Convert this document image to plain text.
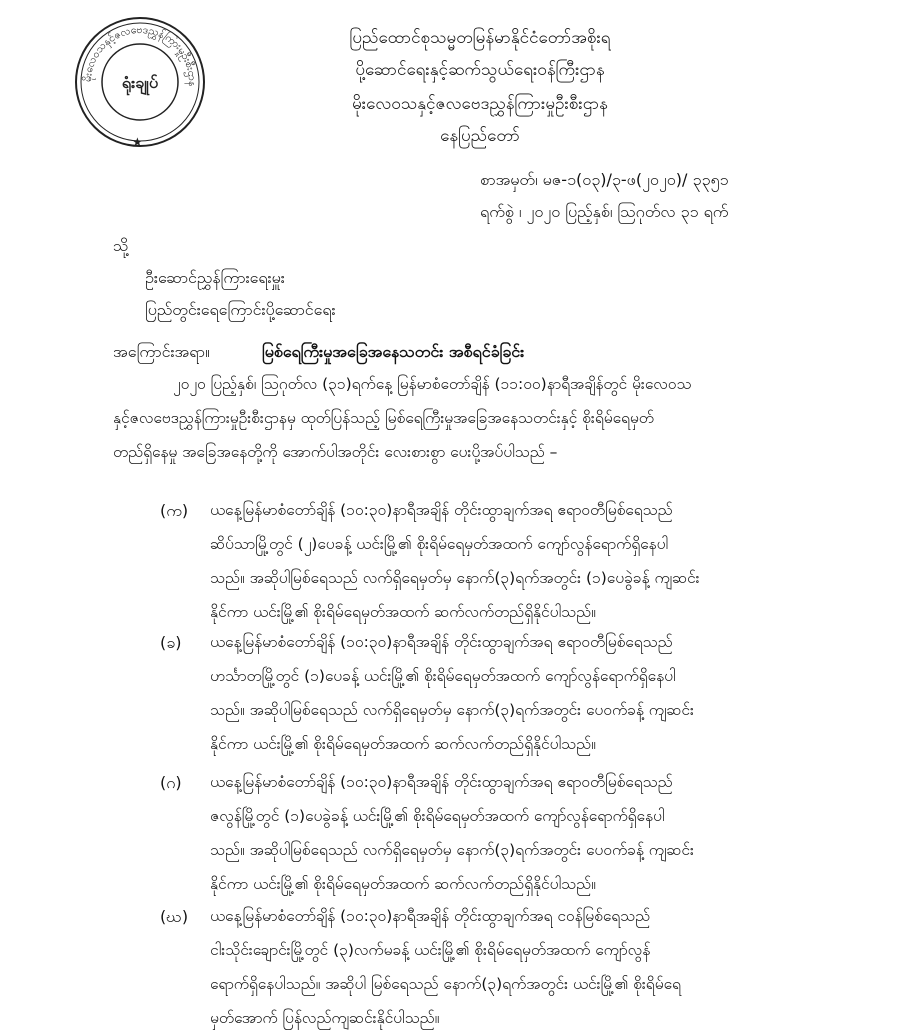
မိုးလေဝသနှင့်ဇလဗေဒညွှန်ကြားမှုဦးစီးဌာန
ရုံးချုပ်
★
ပြည်ထောင်စုသမ္မတမြန်မာနိုင်ငံတော်အစိုးရ
ပို့ဆောင်ရေးနှင့်ဆက်သွယ်ရေးဝန်ကြီးဌာန
မိုးလေဝသနှင့်ဇလဗေဒညွှန်ကြားမှုဦးစီးဌာန
နေပြည်တော်
စာအမှတ်၊ မဇ-၁(၀၃)/၃-ဖ(၂၀၂၀)/ ၃၃၅၁
ရက်စွဲ ၊ ၂၀၂၀ ပြည့်နှစ်၊ ဩဂုတ်လ ၃၁ ရက်
သို့
ဦးဆောင်ညွှန်ကြားရေးမှူး
ပြည်တွင်းရေကြောင်းပို့ဆောင်ရေး
အကြောင်းအရာ။	မြစ်ရေကြီးမှုအခြေအနေသတင်း အစီရင်ခံခြင်း
၂၀၂၀ ပြည့်နှစ်၊ ဩဂုတ်လ (၃၁)ရက်နေ့ မြန်မာစံတော်ချိန် (၁၁:၀၀)နာရီအချိန်တွင် မိုးလေဝသ
နှင့်ဇလဗေဒညွှန်ကြားမှုဦးစီးဌာနမှ ထုတ်ပြန်သည့် မြစ်ရေကြီးမှုအခြေအနေသတင်းနှင့် စိုးရိမ်ရေမှတ်
တည်ရှိနေမှု အခြေအနေတို့ကို အောက်ပါအတိုင်း လေးစားစွာ ပေးပို့အပ်ပါသည် –
(က) ယနေ့မြန်မာစံတော်ချိန် (၁၀:၃၀)နာရီအချိန် တိုင်းထွာချက်အရ ဧရာဝတီမြစ်ရေသည်
ဆိပ်သာမြို့တွင် (၂)ပေခန့် ယင်းမြို့၏ စိုးရိမ်ရေမှတ်အထက် ကျော်လွန်ရောက်ရှိနေပါ
သည်။ အဆိုပါမြစ်ရေသည် လက်ရှိရေမှတ်မှ နောက်(၃)ရက်အတွင်း (၁)ပေခွဲခန့် ကျဆင်း
နိုင်ကာ ယင်းမြို့၏ စိုးရိမ်ရေမှတ်အထက် ဆက်လက်တည်ရှိနိုင်ပါသည်။
(ခ) ယနေ့မြန်မာစံတော်ချိန် (၁၀:၃၀)နာရီအချိန် တိုင်းထွာချက်အရ ဧရာဝတီမြစ်ရေသည်
ဟင်္သာတမြို့တွင် (၁)ပေခန့် ယင်းမြို့၏ စိုးရိမ်ရေမှတ်အထက် ကျော်လွန်ရောက်ရှိနေပါ
သည်။ အဆိုပါမြစ်ရေသည် လက်ရှိရေမှတ်မှ နောက်(၃)ရက်အတွင်း ပေဝက်ခန့် ကျဆင်း
နိုင်ကာ ယင်းမြို့၏ စိုးရိမ်ရေမှတ်အထက် ဆက်လက်တည်ရှိနိုင်ပါသည်။
(ဂ) ယနေ့မြန်မာစံတော်ချိန် (၁၀:၃၀)နာရီအချိန် တိုင်းထွာချက်အရ ဧရာဝတီမြစ်ရေသည်
ဇလွန်မြို့တွင် (၁)ပေခွဲခန့် ယင်းမြို့၏ စိုးရိမ်ရေမှတ်အထက် ကျော်လွန်ရောက်ရှိနေပါ
သည်။ အဆိုပါမြစ်ရေသည် လက်ရှိရေမှတ်မှ နောက်(၃)ရက်အတွင်း ပေဝက်ခန့် ကျဆင်း
နိုင်ကာ ယင်းမြို့၏ စိုးရိမ်ရေမှတ်အထက် ဆက်လက်တည်ရှိနိုင်ပါသည်။
(ဃ) ယနေ့မြန်မာစံတော်ချိန် (၁၀:၃၀)နာရီအချိန် တိုင်းထွာချက်အရ ငဝန်မြစ်ရေသည်
ငါးသိုင်းချောင်းမြို့တွင် (၃)လက်မခန့် ယင်းမြို့၏ စိုးရိမ်ရေမှတ်အထက် ကျော်လွန်
ရောက်ရှိနေပါသည်။ အဆိုပါ မြစ်ရေသည် နောက်(၃)ရက်အတွင်း ယင်းမြို့၏ စိုးရိမ်ရေ
မှတ်အောက် ပြန်လည်ကျဆင်းနိုင်ပါသည်။
